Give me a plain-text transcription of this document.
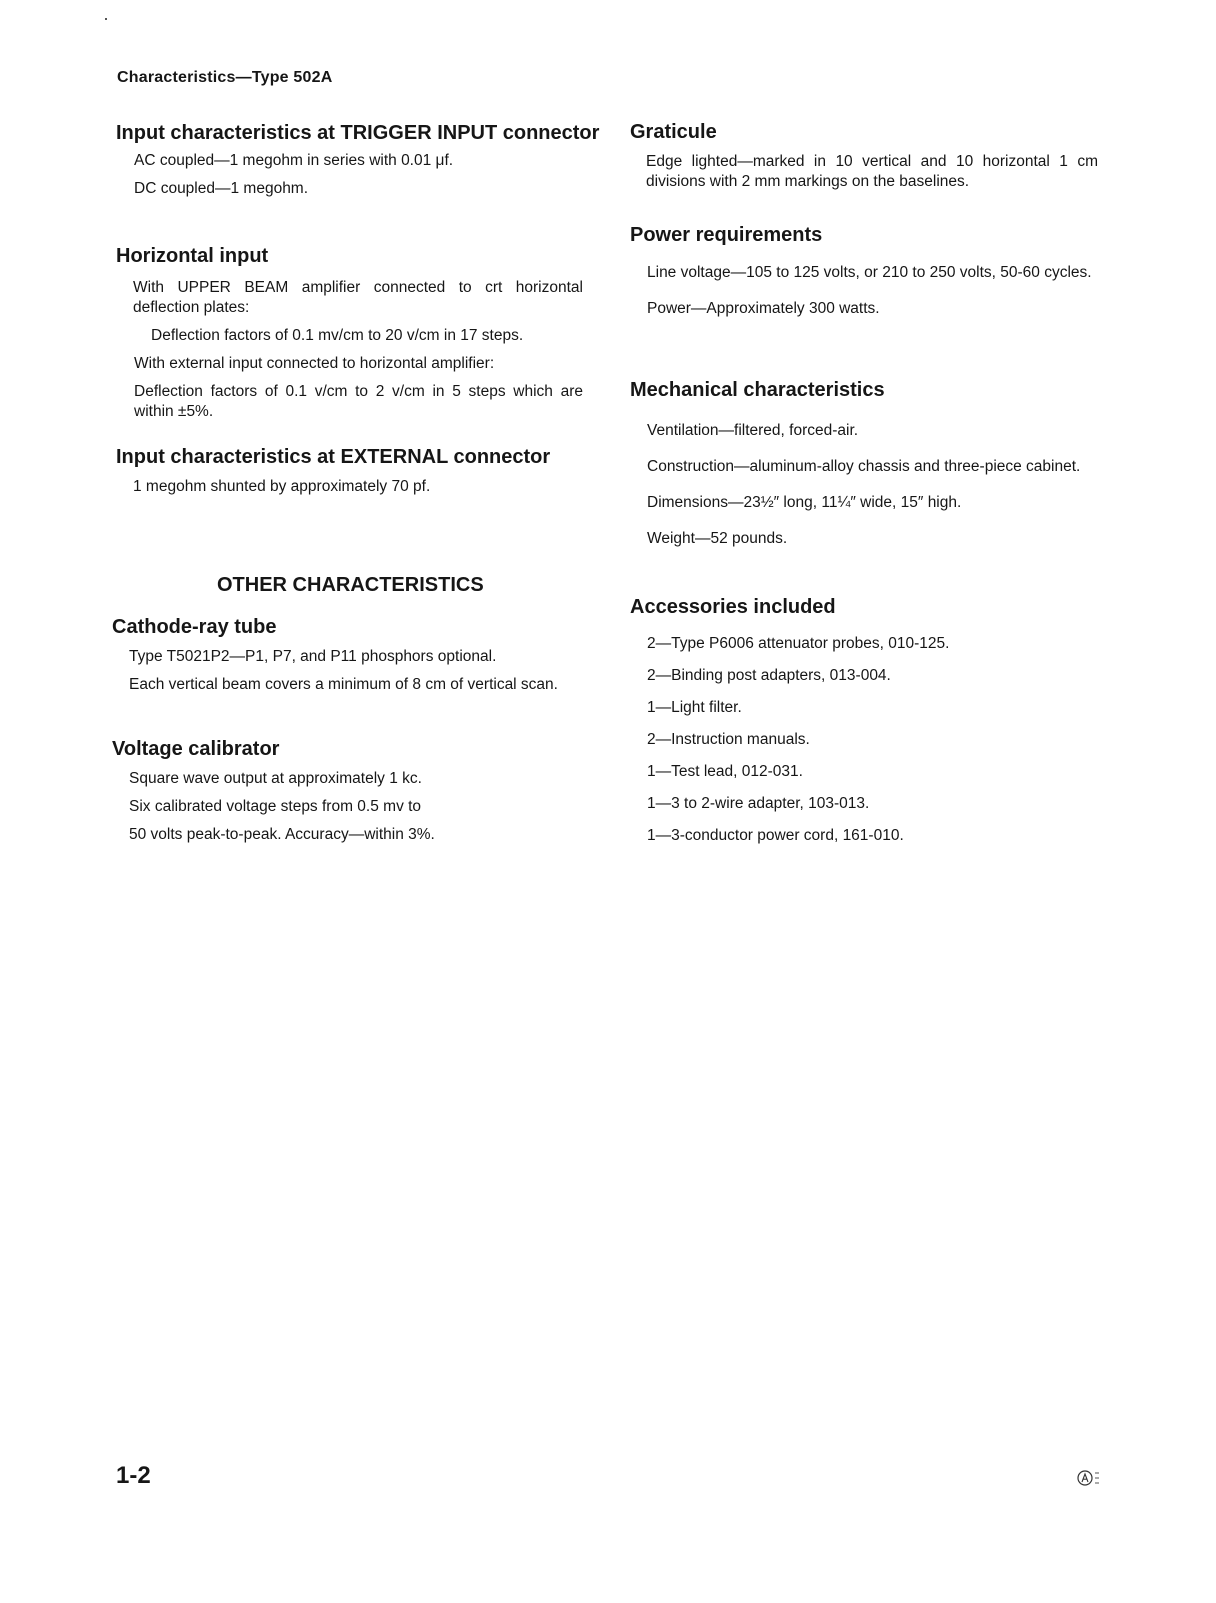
Characteristics—Type 502A
Input characteristics at TRIGGER INPUT connector

AC coupled—1 megohm in series with 0.01 μf.

DC coupled—1 megohm.

Horizontal input

With UPPER BEAM amplifier connected to crt horizontal deflection plates:

Deflection factors of 0.1 mv/cm to 20 v/cm in 17 steps.

With external input connected to horizontal amplifier:

Deflection factors of 0.1 v/cm to 2 v/cm in 5 steps which are within ±5%.

Input characteristics at EXTERNAL connector

1 megohm shunted by approximately 70 pf.

OTHER CHARACTERISTICS
Cathode-ray tube

Type T5021P2—P1, P7, and P11 phosphors optional.

Each vertical beam covers a minimum of 8 cm of vertical scan.

Voltage calibrator

Square wave output at approximately 1 kc.

Six calibrated voltage steps from 0.5 mv to

50 volts peak-to-peak. Accuracy—within 3%.

Graticule

Edge lighted—marked in 10 vertical and 10 horizontal 1 cm divisions with 2 mm markings on the baselines.

Power requirements

Line voltage—105 to 125 volts, or 210 to 250 volts, 50-60 cycles.

Power—Approximately 300 watts.

Mechanical characteristics

Ventilation—filtered, forced-air.

Construction—aluminum-alloy chassis and three-piece cabinet.

Dimensions—23½″ long, 11¼″ wide, 15″ high.

Weight—52 pounds.

Accessories included

2—Type P6006 attenuator probes, 010-125.

2—Binding post adapters, 013-004.

1—Light filter.

2—Instruction manuals.

1—Test lead, 012-031.

1—3 to 2-wire adapter, 103-013.

1—3-conductor power cord, 161-010.

1-2
